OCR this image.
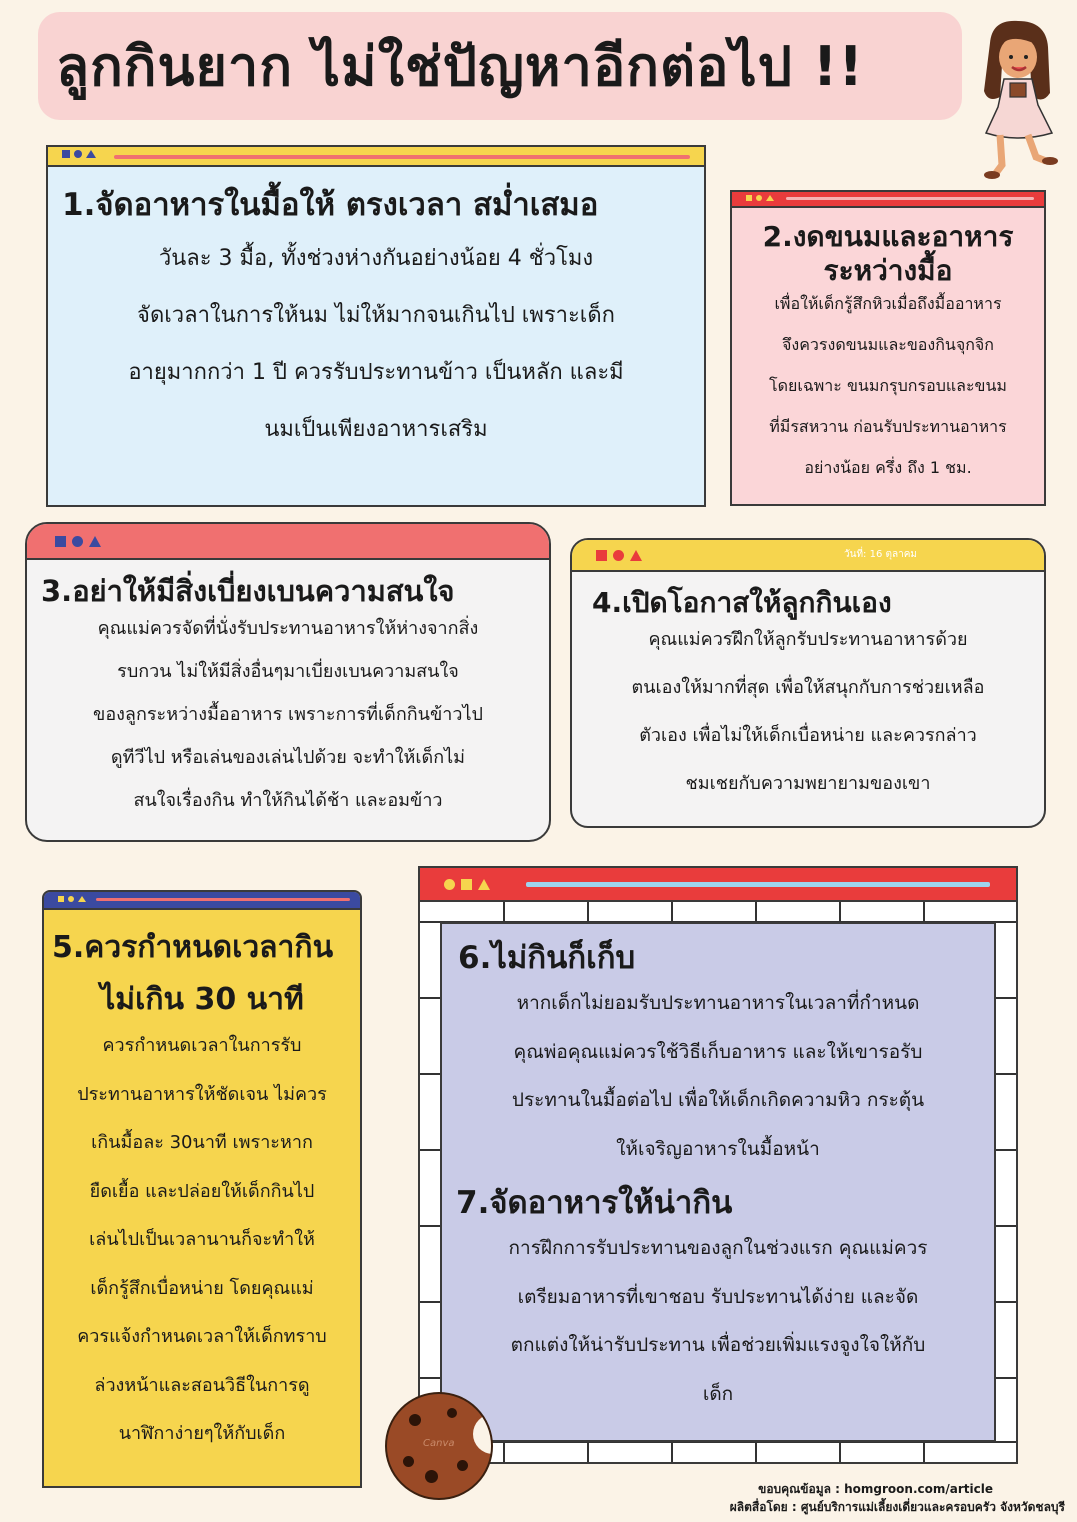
ลูกกินยาก ไม่ใช่ปัญหาอีกต่อไป !!
1.จัดอาหารในมื้อให้ ตรงเวลา สม่ำเสมอ
วันละ 3 มื้อ, ทั้งช่วงห่างกันอย่างน้อย 4 ชั่วโมง
จัดเวลาในการให้นม ไม่ให้มากจนเกินไป เพราะเด็ก
อายุมากกว่า 1 ปี ควรรับประทานข้าว เป็นหลัก และมี
นมเป็นเพียงอาหารเสริม
2.งดขนมและอาหาร
ระหว่างมื้อ
เพื่อให้เด็กรู้สึกหิวเมื่อถึงมื้ออาหาร
จึงควรงดขนมและของกินจุกจิก
โดยเฉพาะ ขนมกรุบกรอบและขนม
ที่มีรสหวาน ก่อนรับประทานอาหาร
อย่างน้อย ครึ่ง ถึง 1 ชม.
3.อย่าให้มีสิ่งเบี่ยงเบนความสนใจ
คุณแม่ควรจัดที่นั่งรับประทานอาหารให้ห่างจากสิ่ง
รบกวน ไม่ให้มีสิ่งอื่นๆมาเบี่ยงเบนความสนใจ
ของลูกระหว่างมื้ออาหาร เพราะการที่เด็กกินข้าวไป
ดูทีวีไป หรือเล่นของเล่นไปด้วย จะทำให้เด็กไม่
สนใจเรื่องกิน ทำให้กินได้ช้า และอมข้าว
วันที่: 16 ตุลาคม
4.เปิดโอกาสให้ลูกกินเอง
คุณแม่ควรฝึกให้ลูกรับประทานอาหารด้วย
ตนเองให้มากที่สุด เพื่อให้สนุกกับการช่วยเหลือ
ตัวเอง เพื่อไม่ให้เด็กเบื่อหน่าย และควรกล่าว
ชมเชยกับความพยายามของเขา
5.ควรกำหนดเวลากิน
ไม่เกิน 30 นาที
ควรกำหนดเวลาในการรับ
ประทานอาหารให้ชัดเจน ไม่ควร
เกินมื้อละ 30นาที เพราะหาก
ยืดเยื้อ และปล่อยให้เด็กกินไป
เล่นไปเป็นเวลานานก็จะทำให้
เด็กรู้สึกเบื่อหน่าย โดยคุณแม่
ควรแจ้งกำหนดเวลาให้เด็กทราบ
ล่วงหน้าและสอนวิธีในการดู
นาฬิกาง่ายๆให้กับเด็ก
6.ไม่กินก็เก็บ
หากเด็กไม่ยอมรับประทานอาหารในเวลาที่กำหนด
คุณพ่อคุณแม่ควรใช้วิธีเก็บอาหาร และให้เขารอรับ
ประทานในมื้อต่อไป เพื่อให้เด็กเกิดความหิว กระตุ้น
ให้เจริญอาหารในมื้อหน้า
7.จัดอาหารให้น่ากิน
การฝึกการรับประทานของลูกในช่วงแรก คุณแม่ควร
เตรียมอาหารที่เขาชอบ รับประทานได้ง่าย และจัด
ตกแต่งให้น่ารับประทาน เพื่อช่วยเพิ่มแรงจูงใจให้กับ
เด็ก
Canva
ขอบคุณข้อมูล : homgroon.com/article
ผลิตสื่อโดย : ศูนย์บริการแม่เลี้ยงเดี่ยวและครอบครัว จังหวัดชลบุรี
